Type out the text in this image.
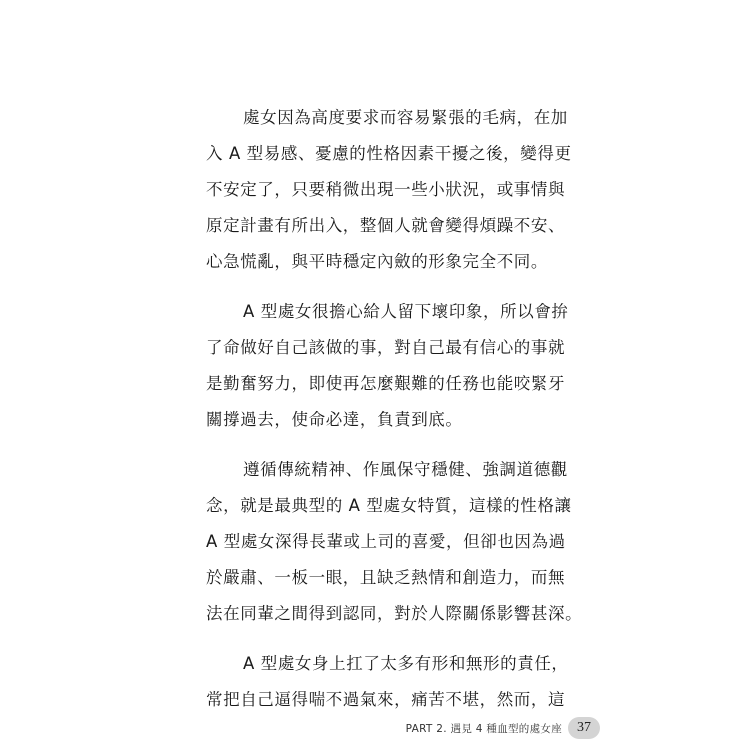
處女因為高度要求而容易緊張的毛病，在加
入 A 型易感、憂慮的性格因素干擾之後，變得更
不安定了，只要稍微出現一些小狀況，或事情與
原定計畫有所出入，整個人就會變得煩躁不安、
心急慌亂，與平時穩定內斂的形象完全不同。

A 型處女很擔心給人留下壞印象，所以會拚
了命做好自己該做的事，對自己最有信心的事就
是勤奮努力，即使再怎麼艱難的任務也能咬緊牙
關撐過去，使命必達，負責到底。

遵循傳統精神、作風保守穩健、強調道德觀
念，就是最典型的 A 型處女特質，這樣的性格讓
A 型處女深得長輩或上司的喜愛，但卻也因為過
於嚴肅、一板一眼，且缺乏熱情和創造力，而無
法在同輩之間得到認同，對於人際關係影響甚深。

A 型處女身上扛了太多有形和無形的責任，
常把自己逼得喘不過氣來，痛苦不堪，然而，這

PART 2. 遇見 4 種血型的處女座	37
